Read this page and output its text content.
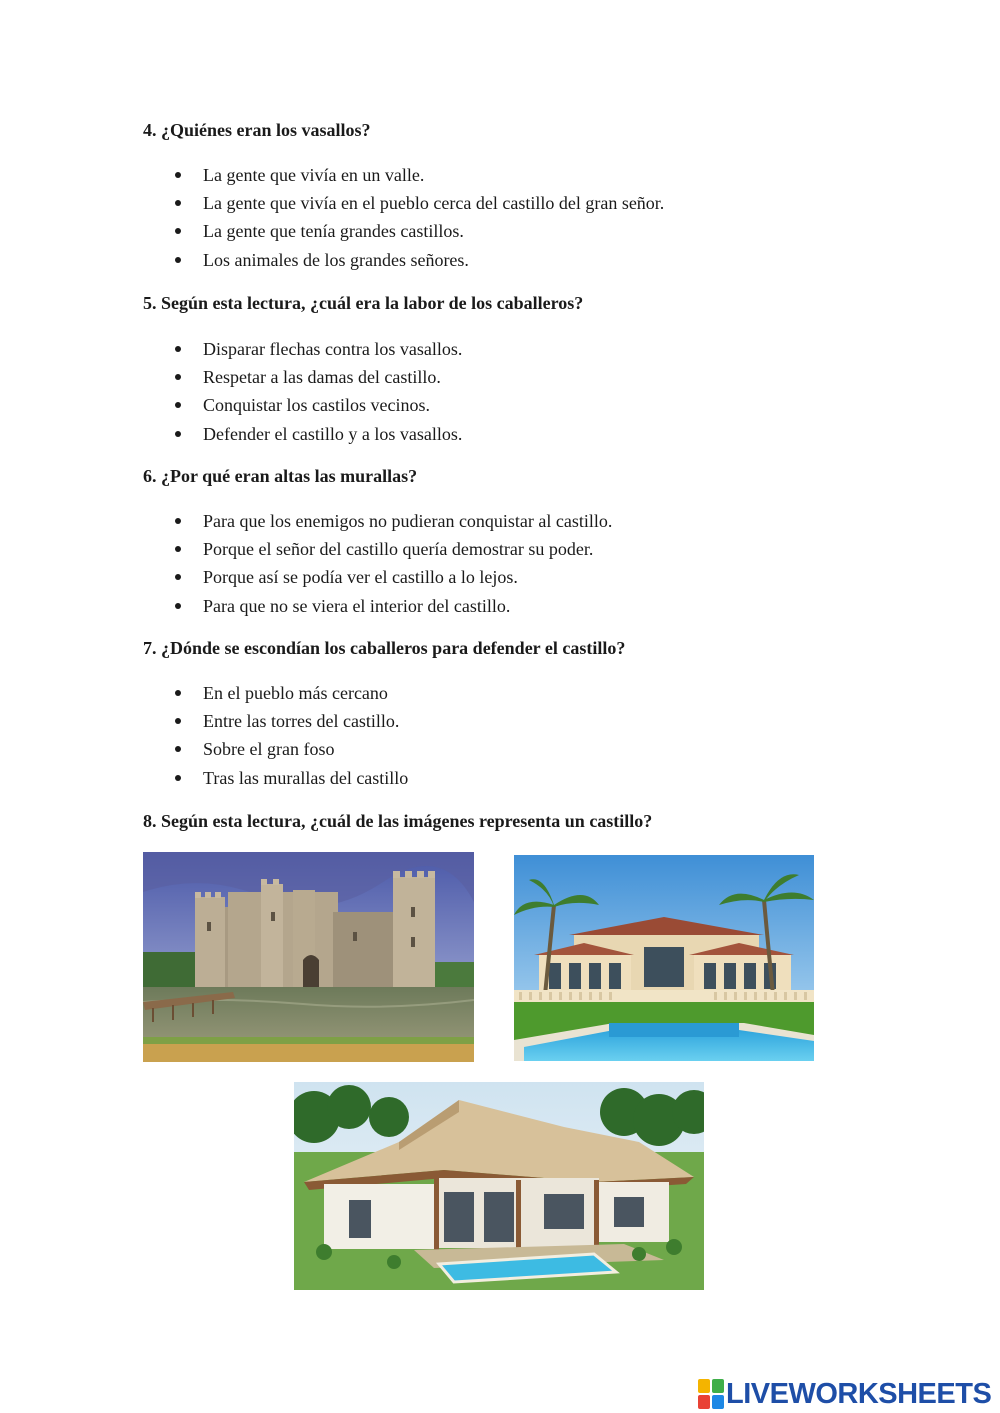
4. ¿Quiénes eran los vasallos?
La gente que vivía en un valle.
La gente que vivía en el pueblo cerca del castillo del gran señor.
La gente que tenía grandes castillos.
Los animales de los grandes señores.
5. Según esta lectura, ¿cuál era la labor de los caballeros?
Disparar flechas contra los vasallos.
Respetar a las damas del castillo.
Conquistar los castilos vecinos.
Defender el castillo y a los vasallos.
6. ¿Por qué eran altas las murallas?
Para que los enemigos no pudieran conquistar al castillo.
Porque el señor del castillo quería demostrar su poder.
Porque así se podía ver el castillo a lo lejos.
Para que no se viera el interior del castillo.
7. ¿Dónde se escondían los caballeros para defender el castillo?
En el pueblo más cercano
Entre las torres del castillo.
Sobre el gran foso
Tras las murallas del castillo
8. Según esta lectura, ¿cuál de las imágenes representa un castillo?
LIVEWORKSHEETS
